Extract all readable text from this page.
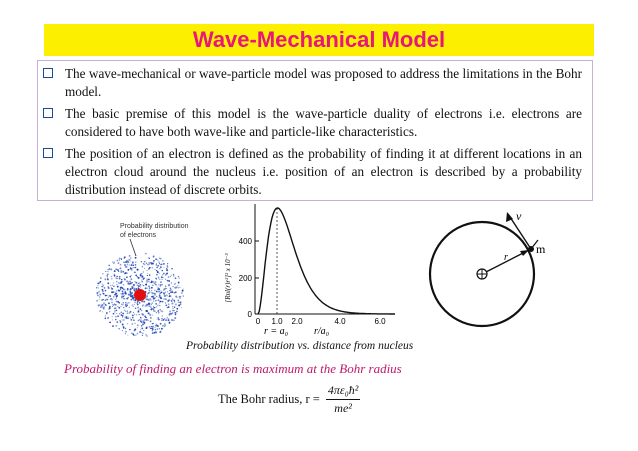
Wave-Mechanical Model
The wave-mechanical or wave-particle model was proposed to address the limitations in the Bohr model.
The basic premise of this model is the wave-particle duality of electrons i.e. electrons are considered to have both wave-like and particle-like characteristics.
The position of an electron is defined as the probability of finding it at different locations in an electron cloud around the nucleus i.e. position of an electron is described by a probability distribution instead of discrete orbits.
Probability distribution
of electrons
[Rnl(r)r²]² x 10⁻³
400
200
0
0 1.0 2.0	4.0	6.0
r = a₀	r/a₀
r
m
v
Probability distribution vs. distance from nucleus
Probability of finding an electron is maximum at the Bohr radius
The Bohr radius, $r = \frac{\text{4πε₀ħ²}}{\text{me²}}$
